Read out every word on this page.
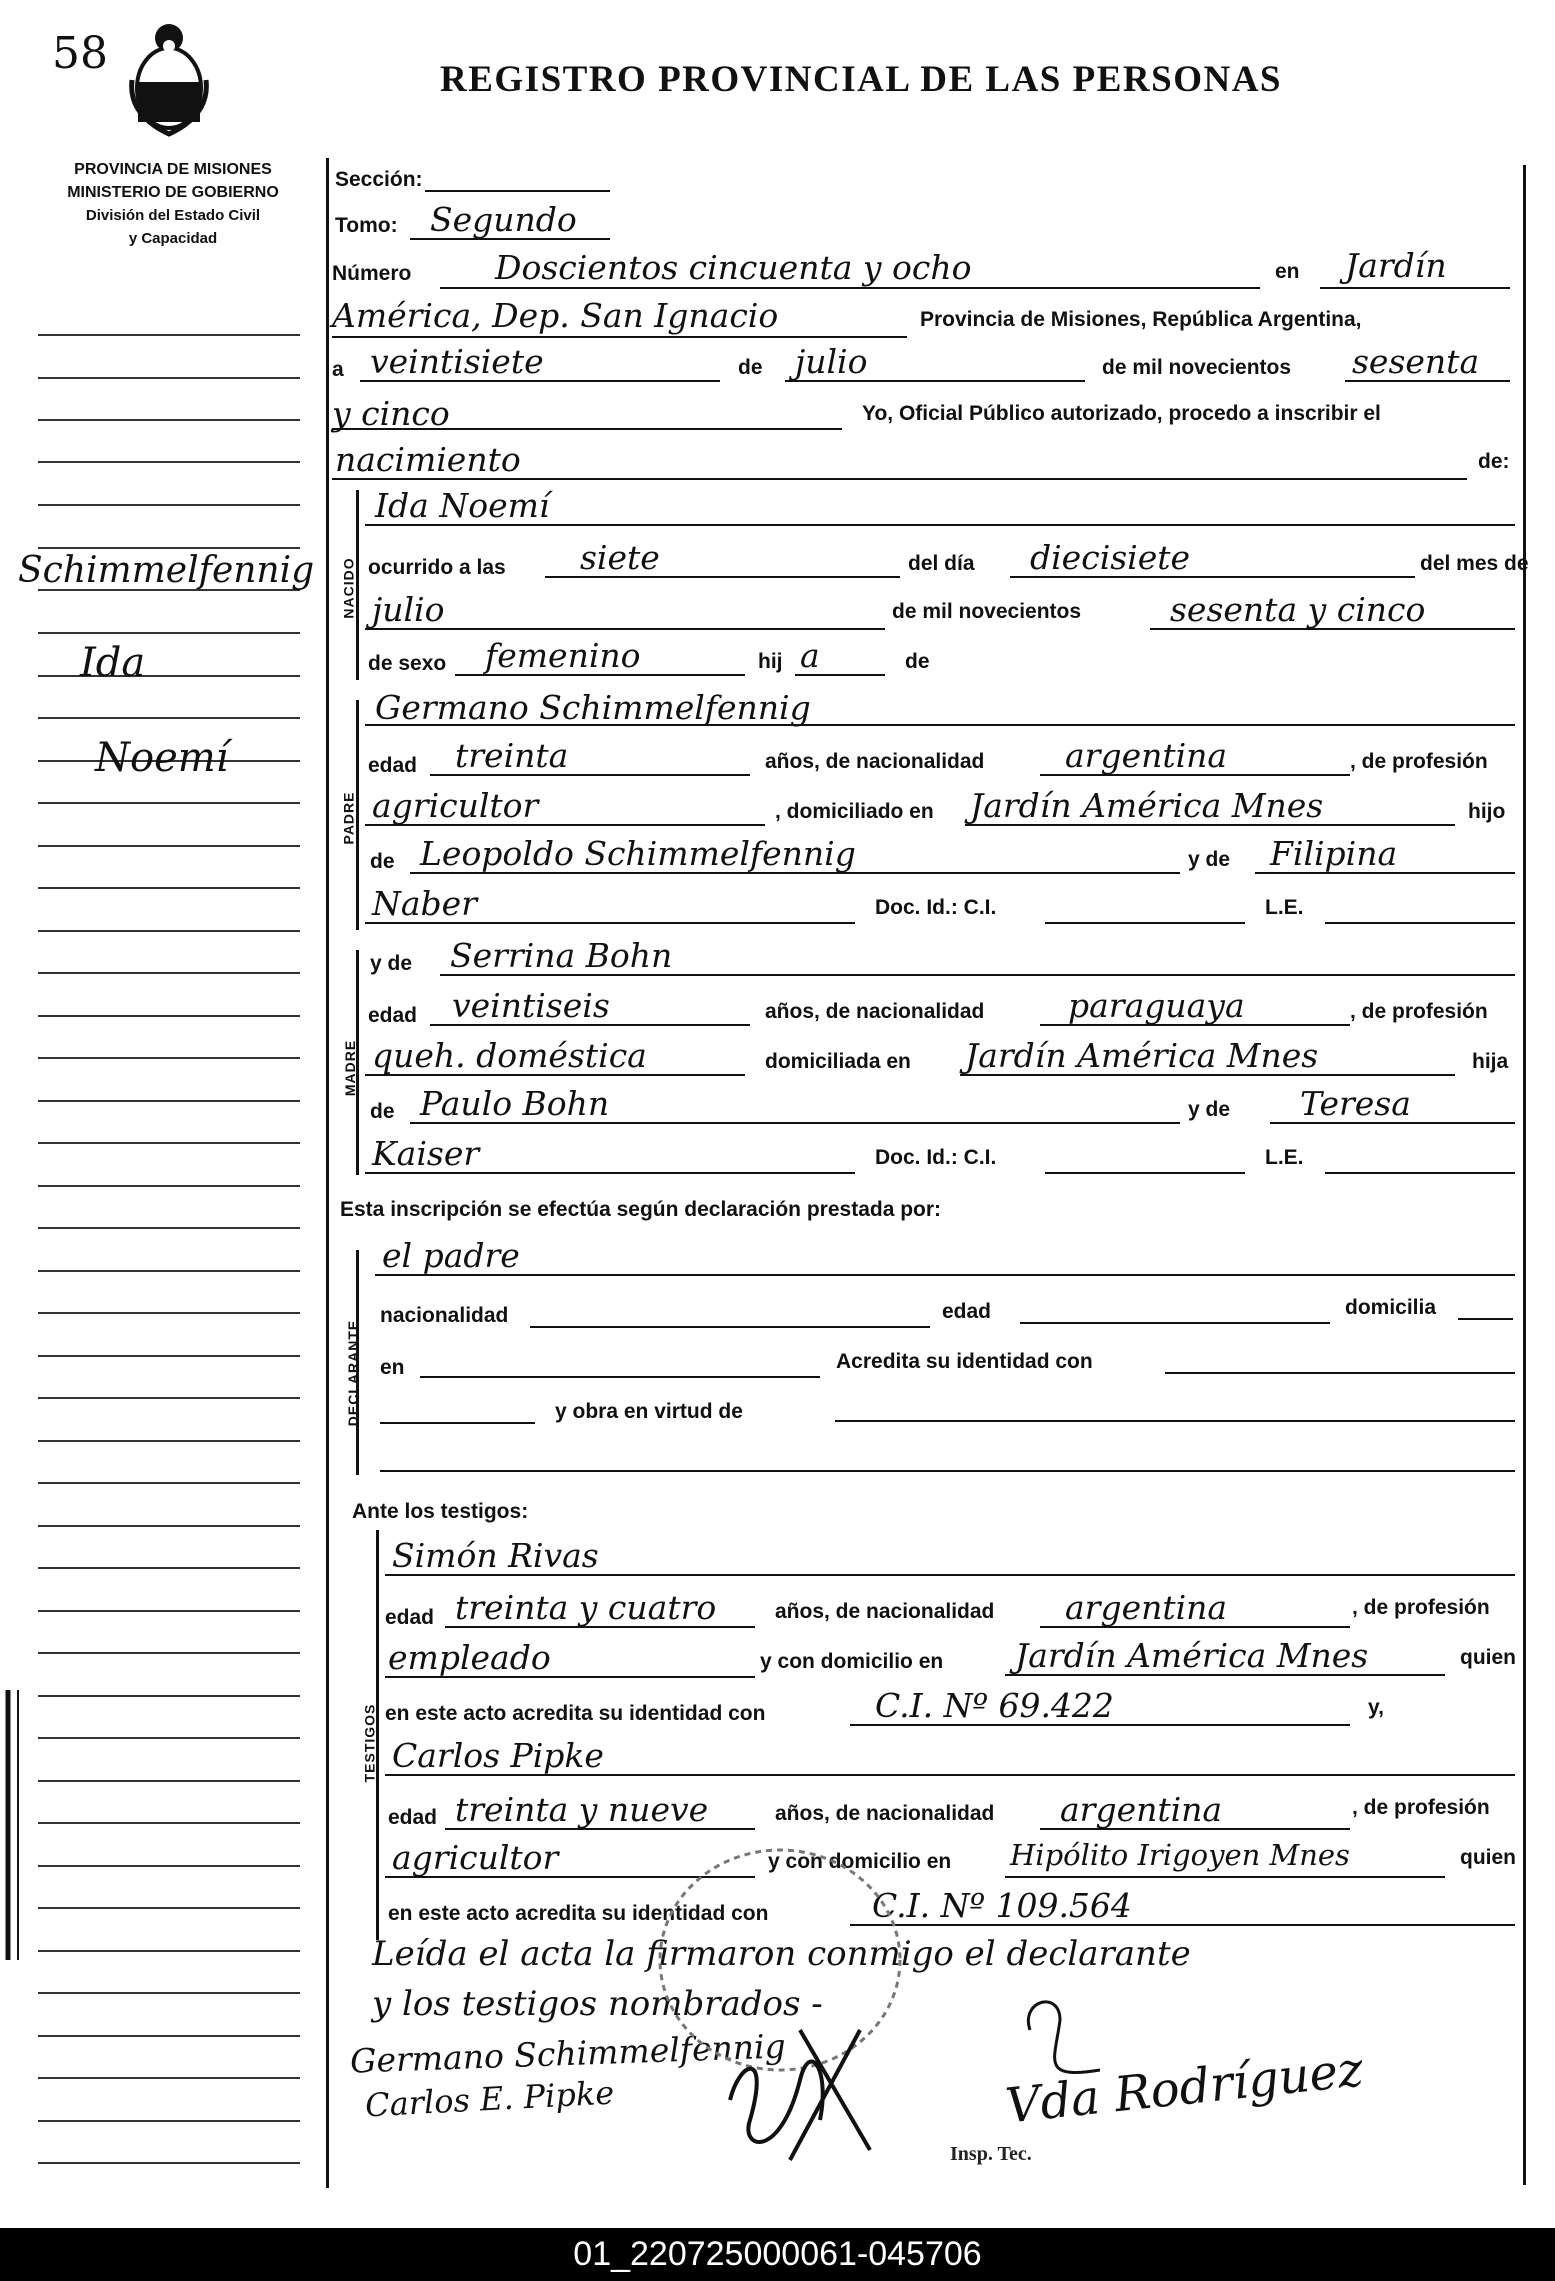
58
REGISTRO PROVINCIAL DE LAS PERSONAS
PROVINCIA DE MISIONES
MINISTERIO DE GOBIERNO
División del Estado Civil
y Capacidad
Schimmelfennig
Ida
Noemí
NACIDO
PADRE
MADRE
DECLARANTE
TESTIGOS
Sección:
Tomo: Segundo
Número	Doscientos cincuenta y ocho	en Jardín
América, Dep. San Ignacio	Provincia de Misiones, República Argentina,
a veintisiete	de julio	de mil novecientos sesenta
y cinco	Yo, Oficial Público autorizado, procedo a inscribir el
nacimiento	de:
Ida Noemí
ocurrido a las siete	del día diecisiete	del mes de
julio	de mil novecientos	sesenta y cinco
de sexo femenino	hij a	de
Germano Schimmelfennig
edad treinta	años, de nacionalidad argentina	, de profesión
agricultor	, domiciliado en Jardín América Mnes	hijo
de Leopoldo Schimmelfennig	y de Filipina
Naber	Doc. Id.: C.I.	L.E.
y de Serrina Bohn
edad veintiseis	años, de nacionalidad	paraguaya	, de profesión
queh. doméstica	domiciliada en Jardín América Mnes	hija
de Paulo Bohn	y de Teresa
Kaiser	Doc. Id.: C.I.	L.E.
Esta inscripción se efectúa según declaración prestada por:
el padre
nacionalidad	edad	domicilia
en	Acredita su identidad con
y obra en virtud de
Ante los testigos:
Simón Rivas
edad treinta y cuatro	años, de nacionalidad argentina	, de profesión
empleado	y con domicilio en Jardín América Mnes	quien
en este acto acredita su identidad con	C.I. Nº 69.422	y,
Carlos Pipke
edad treinta y nueve	años, de nacionalidad argentina	, de profesión
agricultor	y con domicilio en Hipólito Irigoyen Mnes	quien
en este acto acredita su identidad con	C.I. Nº 109.564
Leída el acta la firmaron conmigo el declarante
y los testigos nombrados -
Germano Schimmelfennig
Carlos E. Pipke	Vda Rodríguez
Insp. Tec.
01_220725000061-045706
